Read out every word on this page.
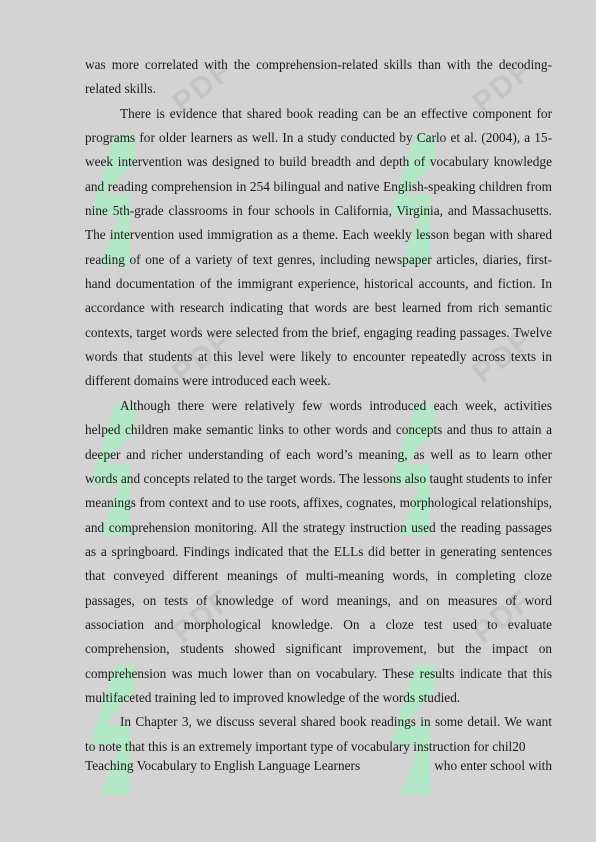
PDF	PDF
PDF	PDF
PDF	PDF

was more correlated with the comprehension-related skills than with the decoding-related skills.

There is evidence that shared book reading can be an effective component for programs for older learners as well. In a study conducted by Carlo et al. (2004), a 15-week intervention was designed to build breadth and depth of vocabulary knowledge and reading comprehension in 254 bilingual and native English-speaking children from nine 5th-grade classrooms in four schools in California, Virginia, and Massachusetts. The intervention used immigration as a theme. Each weekly lesson began with shared reading of one of a variety of text genres, including newspaper articles, diaries, first-hand documentation of the immigrant experience, historical accounts, and fiction. In accordance with research indicating that words are best learned from rich semantic contexts, target words were selected from the brief, engaging reading passages. Twelve words that students at this level were likely to encounter repeatedly across texts in different domains were introduced each week.

Although there were relatively few words introduced each week, activities helped children make semantic links to other words and concepts and thus to attain a deeper and richer understanding of each word’s meaning, as well as to learn other words and concepts related to the target words. The lessons also taught students to infer meanings from context and to use roots, affixes, cognates, morphological relationships, and comprehension monitoring. All the strategy instruction used the reading passages as a springboard. Findings indicated that the ELLs did better in generating sentences that conveyed different meanings of multi-meaning words, in completing cloze passages, on tests of knowledge of word meanings, and on measures of word association and morphological knowledge. On a cloze test used to evaluate comprehension, students showed significant improvement, but the impact on comprehension was much lower than on vocabulary. These results indicate that this multifaceted training led to improved knowledge of the words studied.

In Chapter 3, we discuss several shared book readings in some detail. We want to note that this is an extremely important type of vocabulary instruction for chil20

Teaching Vocabulary to English Language Learners	who enter school with
